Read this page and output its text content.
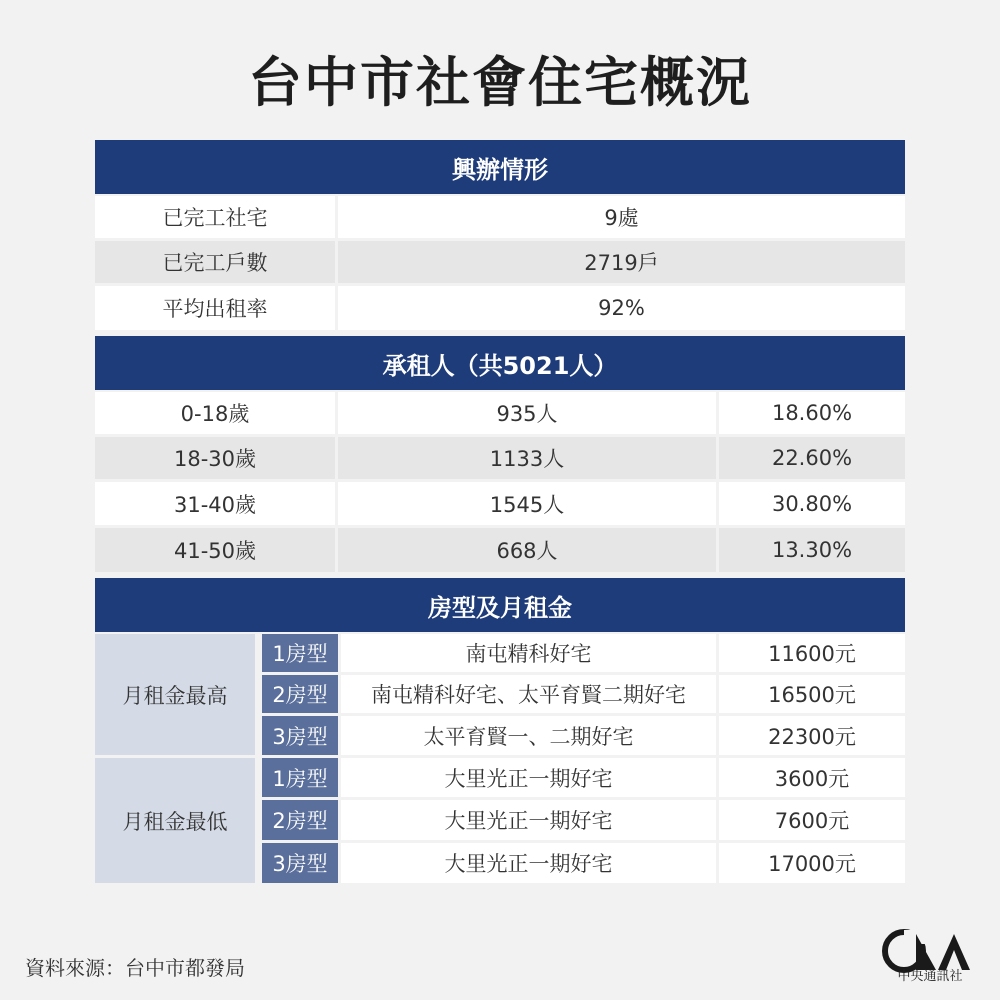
台中市社會住宅概況
興辦情形
已完工社宅	9處
已完工戶數	2719戶
平均出租率	92%
承租人（共5021人）
0-18歲	935人	18.60%
18-30歲	1133人	22.60%
31-40歲	1545人	30.80%
41-50歲	668人	13.30%
房型及月租金
月租金最高
1房型	南屯精科好宅	11600元
2房型	南屯精科好宅、太平育賢二期好宅	16500元
3房型	太平育賢一、二期好宅	22300元
月租金最低
1房型	大里光正一期好宅	3600元
2房型	大里光正一期好宅	7600元
3房型	大里光正一期好宅	17000元
資料來源：台中市都發局	中央通訊社
